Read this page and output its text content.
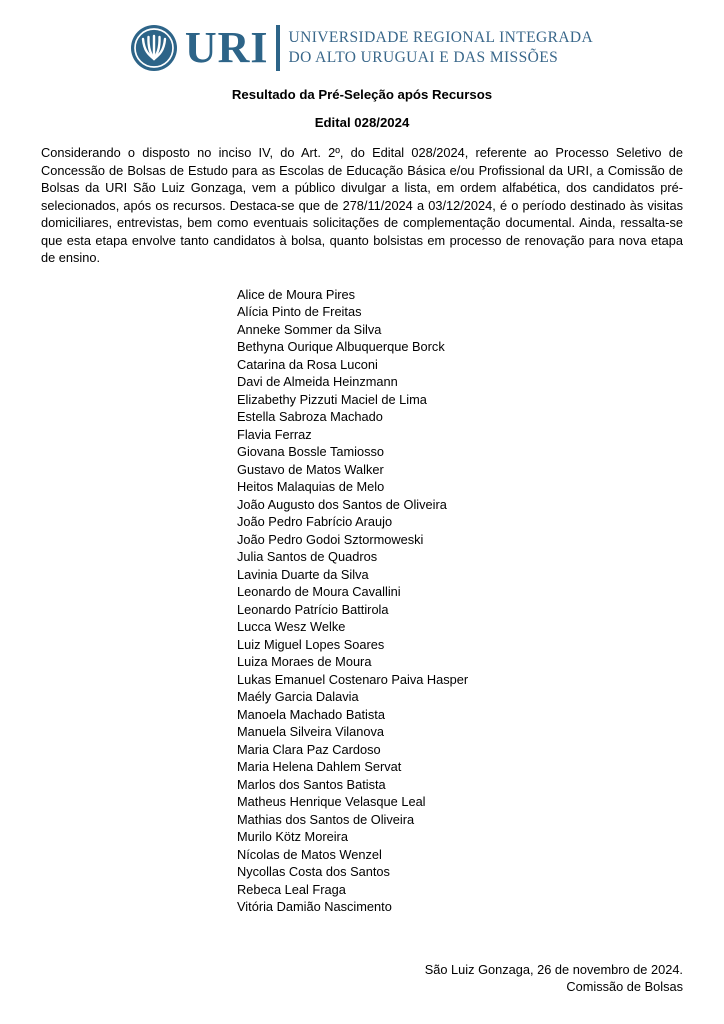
URI UNIVERSIDADE REGIONAL INTEGRADA
DO ALTO URUGUAI E DAS MISSÕES
Resultado da Pré-Seleção após Recursos
Edital 028/2024

Considerando o disposto no inciso IV, do Art. 2º, do Edital 028/2024, referente ao Processo Seletivo de Concessão de Bolsas de Estudo para as Escolas de Educação Básica e/ou Profissional da URI, a Comissão de Bolsas da URI São Luiz Gonzaga, vem a público divulgar a lista, em ordem alfabética, dos candidatos pré-selecionados, após os recursos. Destaca-se que de 278/11/2024 a 03/12/2024, é o período destinado às visitas domiciliares, entrevistas, bem como eventuais solicitações de complementação documental. Ainda, ressalta-se que esta etapa envolve tanto candidatos à bolsa, quanto bolsistas em processo de renovação para nova etapa de ensino.

Alice de Moura Pires
Alícia Pinto de Freitas
Anneke Sommer da Silva
Bethyna Ourique Albuquerque Borck
Catarina da Rosa Luconi
Davi de Almeida Heinzmann
Elizabethy Pizzuti Maciel de Lima
Estella Sabroza Machado
Flavia Ferraz
Giovana Bossle Tamiosso
Gustavo de Matos Walker
Heitos Malaquias de Melo
João Augusto dos Santos de Oliveira
João Pedro Fabrício Araujo
João Pedro Godoi Sztormoweski
Julia Santos de Quadros
Lavinia Duarte da Silva
Leonardo de Moura Cavallini
Leonardo Patrício Battirola
Lucca Wesz Welke
Luiz Miguel Lopes Soares
Luiza Moraes de Moura
Lukas Emanuel Costenaro Paiva Hasper
Maély Garcia Dalavia
Manoela Machado Batista
Manuela Silveira Vilanova
Maria Clara Paz Cardoso
Maria Helena Dahlem Servat
Marlos dos Santos Batista
Matheus Henrique Velasque Leal
Mathias dos Santos de Oliveira
Murilo Kötz Moreira
Nícolas de Matos Wenzel
Nycollas Costa dos Santos
Rebeca Leal Fraga
Vitória Damião Nascimento
São Luiz Gonzaga, 26 de novembro de 2024.
Comissão de Bolsas
